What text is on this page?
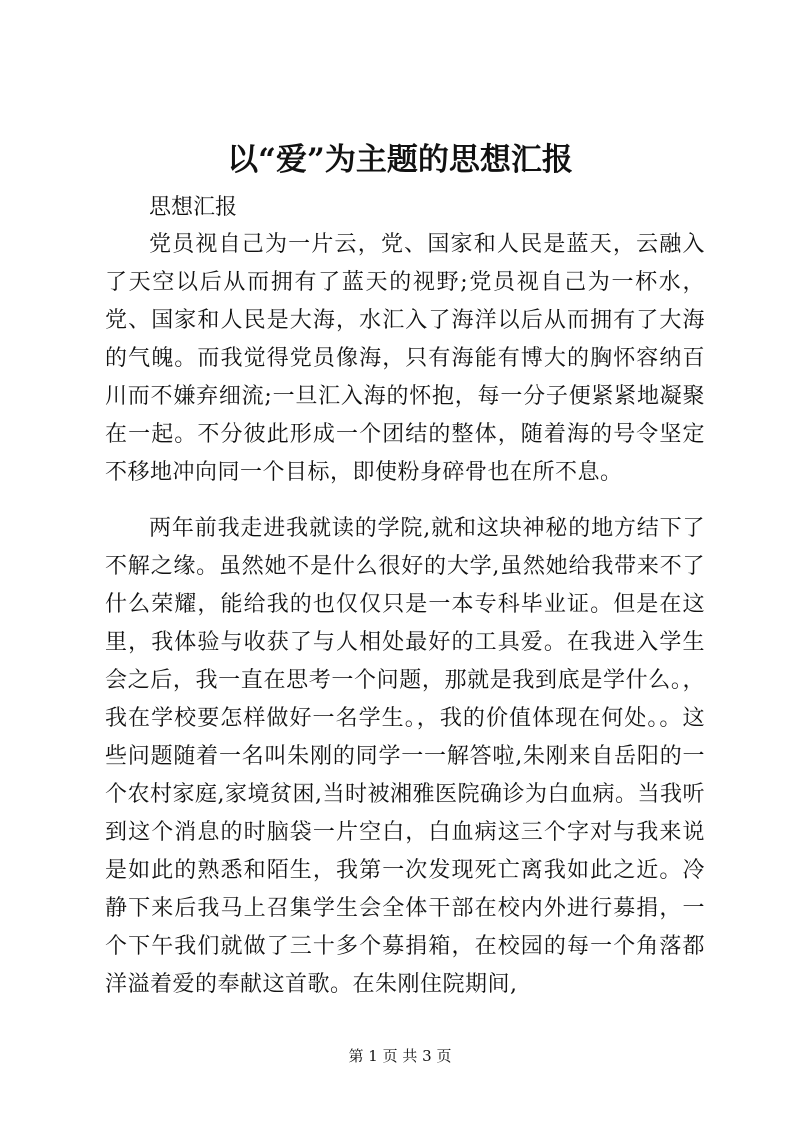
以“爱”为主题的思想汇报
思想汇报

党员视自己为一片云，党、国家和人民是蓝天，云融入了天空以后从而拥有了蓝天的视野;党员视自己为一杯水，党、国家和人民是大海，水汇入了海洋以后从而拥有了大海的气魄。而我觉得党员像海，只有海能有博大的胸怀容纳百川而不嫌弃细流;一旦汇入海的怀抱，每一分子便紧紧地凝聚在一起。不分彼此形成一个团结的整体，随着海的号令坚定不移地冲向同一个目标，即使粉身碎骨也在所不息。

两年前我走进我就读的学院,就和这块神秘的地方结下了不解之缘。虽然她不是什么很好的大学,虽然她给我带来不了什么荣耀，能给我的也仅仅只是一本专科毕业证。但是在这里，我体验与收获了与人相处最好的工具爱。在我进入学生会之后，我一直在思考一个问题，那就是我到底是学什么。，我在学校要怎样做好一名学生。，我的价值体现在何处。。这些问题随着一名叫朱刚的同学一一解答啦,朱刚来自岳阳的一个农村家庭,家境贫困,当时被湘雅医院确诊为白血病。当我听到这个消息的时脑袋一片空白，白血病这三个字对与我来说是如此的熟悉和陌生，我第一次发现死亡离我如此之近。冷静下来后我马上召集学生会全体干部在校内外进行募捐，一个下午我们就做了三十多个募捐箱，在校园的每一个角落都洋溢着爱的奉献这首歌。在朱刚住院期间,

第 1 页 共 3 页
